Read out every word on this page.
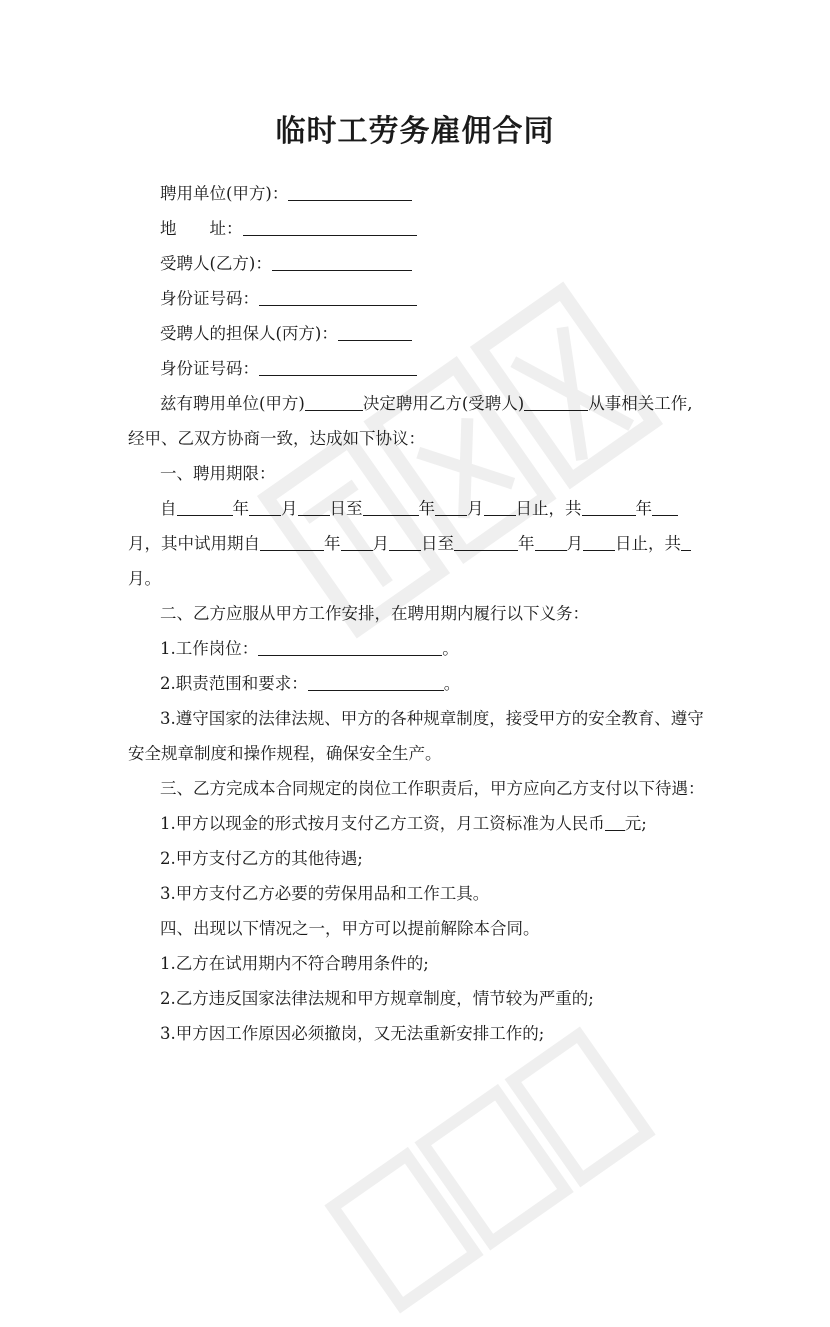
临时工劳务雇佣合同
聘用单位(甲方)：
地　　址：
受聘人(乙方)：
身份证号码：
受聘人的担保人(丙方)：
身份证号码：
兹有聘用单位(甲方)	决定聘用乙方(受聘人)	从事相关工作,
经甲、乙双方协商一致，达成如下协议：
一、聘用期限：
自	年 月 日至	年 月 日止，共	年
月，其中试用期自	年 月 日至	年 月 日止，共
月。
二、乙方应服从甲方工作安排，在聘用期内履行以下义务：
1.工作岗位：	。
2.职责范围和要求：	。
3.遵守国家的法律法规、甲方的各种规章制度，接受甲方的安全教育、遵守
安全规章制度和操作规程，确保安全生产。
三、乙方完成本合同规定的岗位工作职责后，甲方应向乙方支付以下待遇：
1.甲方以现金的形式按月支付乙方工资，月工资标准为人民币 元;
2.甲方支付乙方的其他待遇;
3.甲方支付乙方必要的劳保用品和工作工具。
四、出现以下情况之一，甲方可以提前解除本合同。
1.乙方在试用期内不符合聘用条件的;
2.乙方违反国家法律法规和甲方规章制度，情节较为严重的;
3.甲方因工作原因必须撤岗，又无法重新安排工作的;
